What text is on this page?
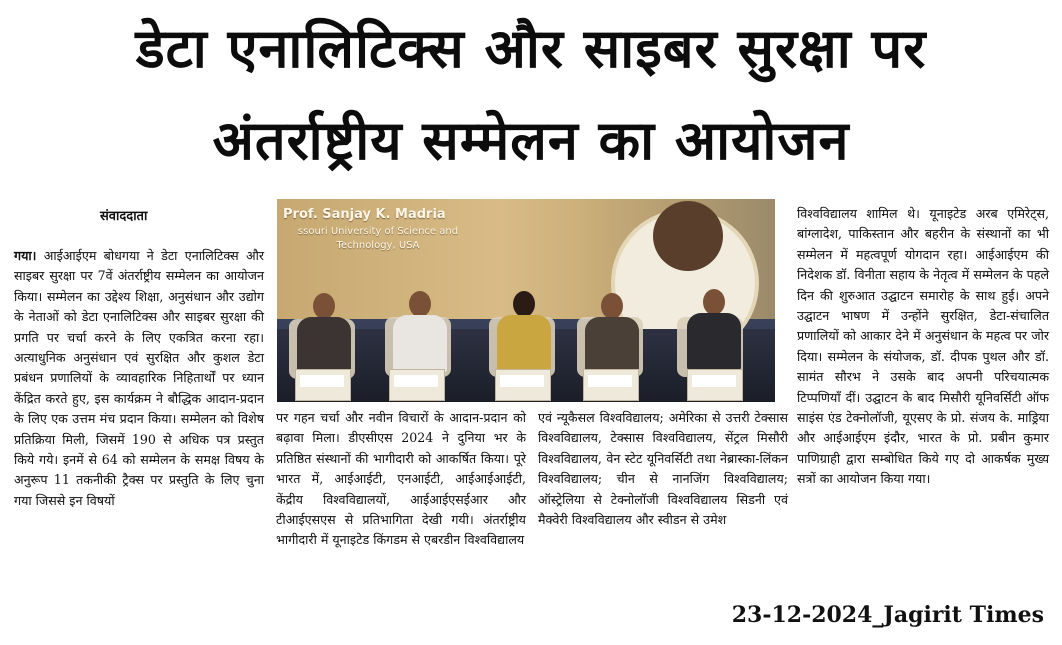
डेटा एनालिटिक्स और साइबर सुरक्षा पर
अंतर्राष्ट्रीय सम्मेलन का आयोजन
संवाददाता

गया। आईआईएम बोधगया ने डेटा एनालिटिक्स और साइबर सुरक्षा पर 7वें अंतर्राष्ट्रीय सम्मेलन का आयोजन किया। सम्मेलन का उद्देश्य शिक्षा, अनुसंधान और उद्योग के नेताओं को डेटा एनालिटिक्स और साइबर सुरक्षा की प्रगति पर चर्चा करने के लिए एकत्रित करना रहा। अत्याधुनिक अनुसंधान एवं सुरक्षित और कुशल डेटा प्रबंधन प्रणालियों के व्यावहारिक निहितार्थों पर ध्यान केंद्रित करते हुए, इस कार्यक्रम ने बौद्धिक आदान-प्रदान के लिए एक उत्तम मंच प्रदान किया। सम्मेलन को विशेष प्रतिक्रिया मिली, जिसमें 190 से अधिक पत्र प्रस्तुत किये गये। इनमें से 64 को सम्मेलन के समक्ष विषय के अनुरूप 11 तकनीकी ट्रैक्स पर प्रस्तुति के लिए चुना गया जिससे इन विषयों

Prof. Sanjay K. Madria
ssouri University of Science and Technology, USA

पर गहन चर्चा और नवीन विचारों के आदान-प्रदान को बढ़ावा मिला। डीएसीएस 2024 ने दुनिया भर के प्रतिष्ठित संस्थानों की भागीदारी को आकर्षित किया। पूरे भारत में, आईआईटी, एनआईटी, आईआईआईटी, केंद्रीय विश्वविद्यालयों, आईआईएसईआर और टीआईएसएस से प्रतिभागिता देखी गयी। अंतर्राष्ट्रीय भागीदारी में यूनाइटेड किंगडम से एबरडीन विश्वविद्यालय

एवं न्यूकैसल विश्वविद्यालय; अमेरिका से उत्तरी टेक्सास विश्वविद्यालय, टेक्सास विश्वविद्यालय, सेंट्रल मिसौरी विश्वविद्यालय, वेन स्टेट यूनिवर्सिटी तथा नेब्रास्का-लिंकन विश्वविद्यालय; चीन से नानजिंग विश्वविद्यालय; ऑस्ट्रेलिया से टेक्नोलॉजी विश्वविद्यालय सिडनी एवं मैक्वेरी विश्वविद्यालय और स्वीडन से उमेश

विश्वविद्यालय शामिल थे। यूनाइटेड अरब एमिरेट्स, बांग्लादेश, पाकिस्तान और बहरीन के संस्थानों का भी सम्मेलन में महत्वपूर्ण योगदान रहा। आईआईएम की निदेशक डॉ. विनीता सहाय के नेतृत्व में सम्मेलन के पहले दिन की शुरुआत उद्घाटन समारोह के साथ हुई। अपने उद्घाटन भाषण में उन्होंने सुरक्षित, डेटा-संचालित प्रणालियों को आकार देने में अनुसंधान के महत्व पर जोर दिया। सम्मेलन के संयोजक, डॉ. दीपक पुथल और डॉ. सामंत सौरभ ने उसके बाद अपनी परिचयात्मक टिप्पणियाँ दीं। उद्घाटन के बाद मिसौरी यूनिवर्सिटी ऑफ साइंस एंड टेक्नोलॉजी, यूएसए के प्रो. संजय के. माड्रिया और आईआईएम इंदौर, भारत के प्रो. प्रबीन कुमार पाणिग्राही द्वारा सम्बोधित किये गए दो आकर्षक मुख्य सत्रों का आयोजन किया गया।

23-12-2024_Jagirit Times
